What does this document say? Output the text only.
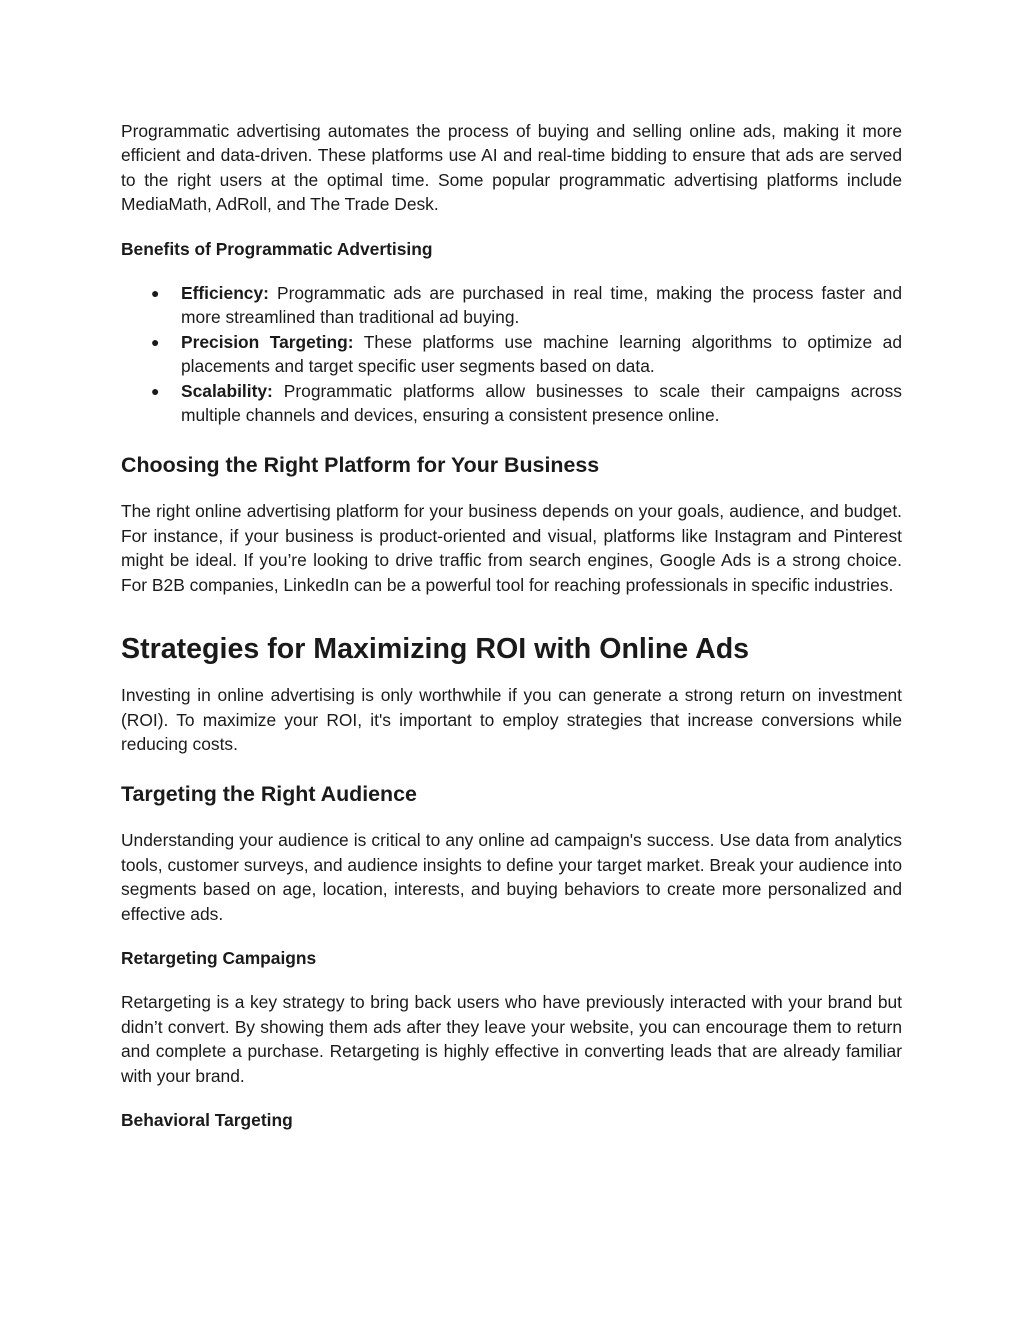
Programmatic advertising automates the process of buying and selling online ads, making it more efficient and data-driven. These platforms use AI and real-time bidding to ensure that ads are served to the right users at the optimal time. Some popular programmatic advertising platforms include MediaMath, AdRoll, and The Trade Desk.

Benefits of Programmatic Advertising
● Efficiency: Programmatic ads are purchased in real time, making the process faster and more streamlined than traditional ad buying.
● Precision Targeting: These platforms use machine learning algorithms to optimize ad placements and target specific user segments based on data.
● Scalability: Programmatic platforms allow businesses to scale their campaigns across multiple channels and devices, ensuring a consistent presence online.
Choosing the Right Platform for Your Business

The right online advertising platform for your business depends on your goals, audience, and budget. For instance, if your business is product-oriented and visual, platforms like Instagram and Pinterest might be ideal. If you’re looking to drive traffic from search engines, Google Ads is a strong choice. For B2B companies, LinkedIn can be a powerful tool for reaching professionals in specific industries.

Strategies for Maximizing ROI with Online Ads

Investing in online advertising is only worthwhile if you can generate a strong return on investment (ROI). To maximize your ROI, it's important to employ strategies that increase conversions while reducing costs.

Targeting the Right Audience

Understanding your audience is critical to any online ad campaign's success. Use data from analytics tools, customer surveys, and audience insights to define your target market. Break your audience into segments based on age, location, interests, and buying behaviors to create more personalized and effective ads.

Retargeting Campaigns

Retargeting is a key strategy to bring back users who have previously interacted with your brand but didn’t convert. By showing them ads after they leave your website, you can encourage them to return and complete a purchase. Retargeting is highly effective in converting leads that are already familiar with your brand.

Behavioral Targeting
